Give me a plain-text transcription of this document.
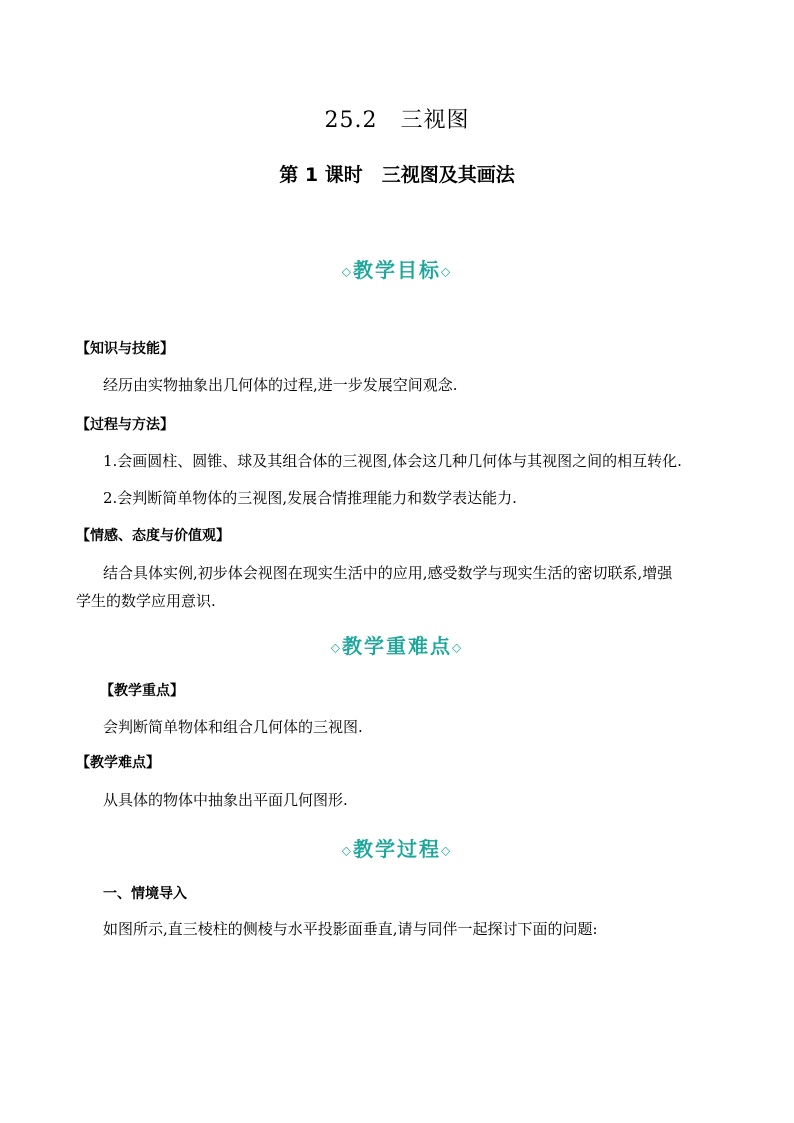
25.2　三视图
第 1 课时　三视图及其画法
◇教学目标◇
【知识与技能】
经历由实物抽象出几何体的过程,进一步发展空间观念.
【过程与方法】
1.会画圆柱、圆锥、球及其组合体的三视图,体会这几种几何体与其视图之间的相互转化.
2.会判断简单物体的三视图,发展合情推理能力和数学表达能力.
【情感、态度与价值观】
结合具体实例,初步体会视图在现实生活中的应用,感受数学与现实生活的密切联系,增强
学生的数学应用意识.
◇教学重难点◇
【教学重点】
会判断简单物体和组合几何体的三视图.
【教学难点】
从具体的物体中抽象出平面几何图形.
◇教学过程◇
一、情境导入
如图所示,直三棱柱的侧棱与水平投影面垂直,请与同伴一起探讨下面的问题:
